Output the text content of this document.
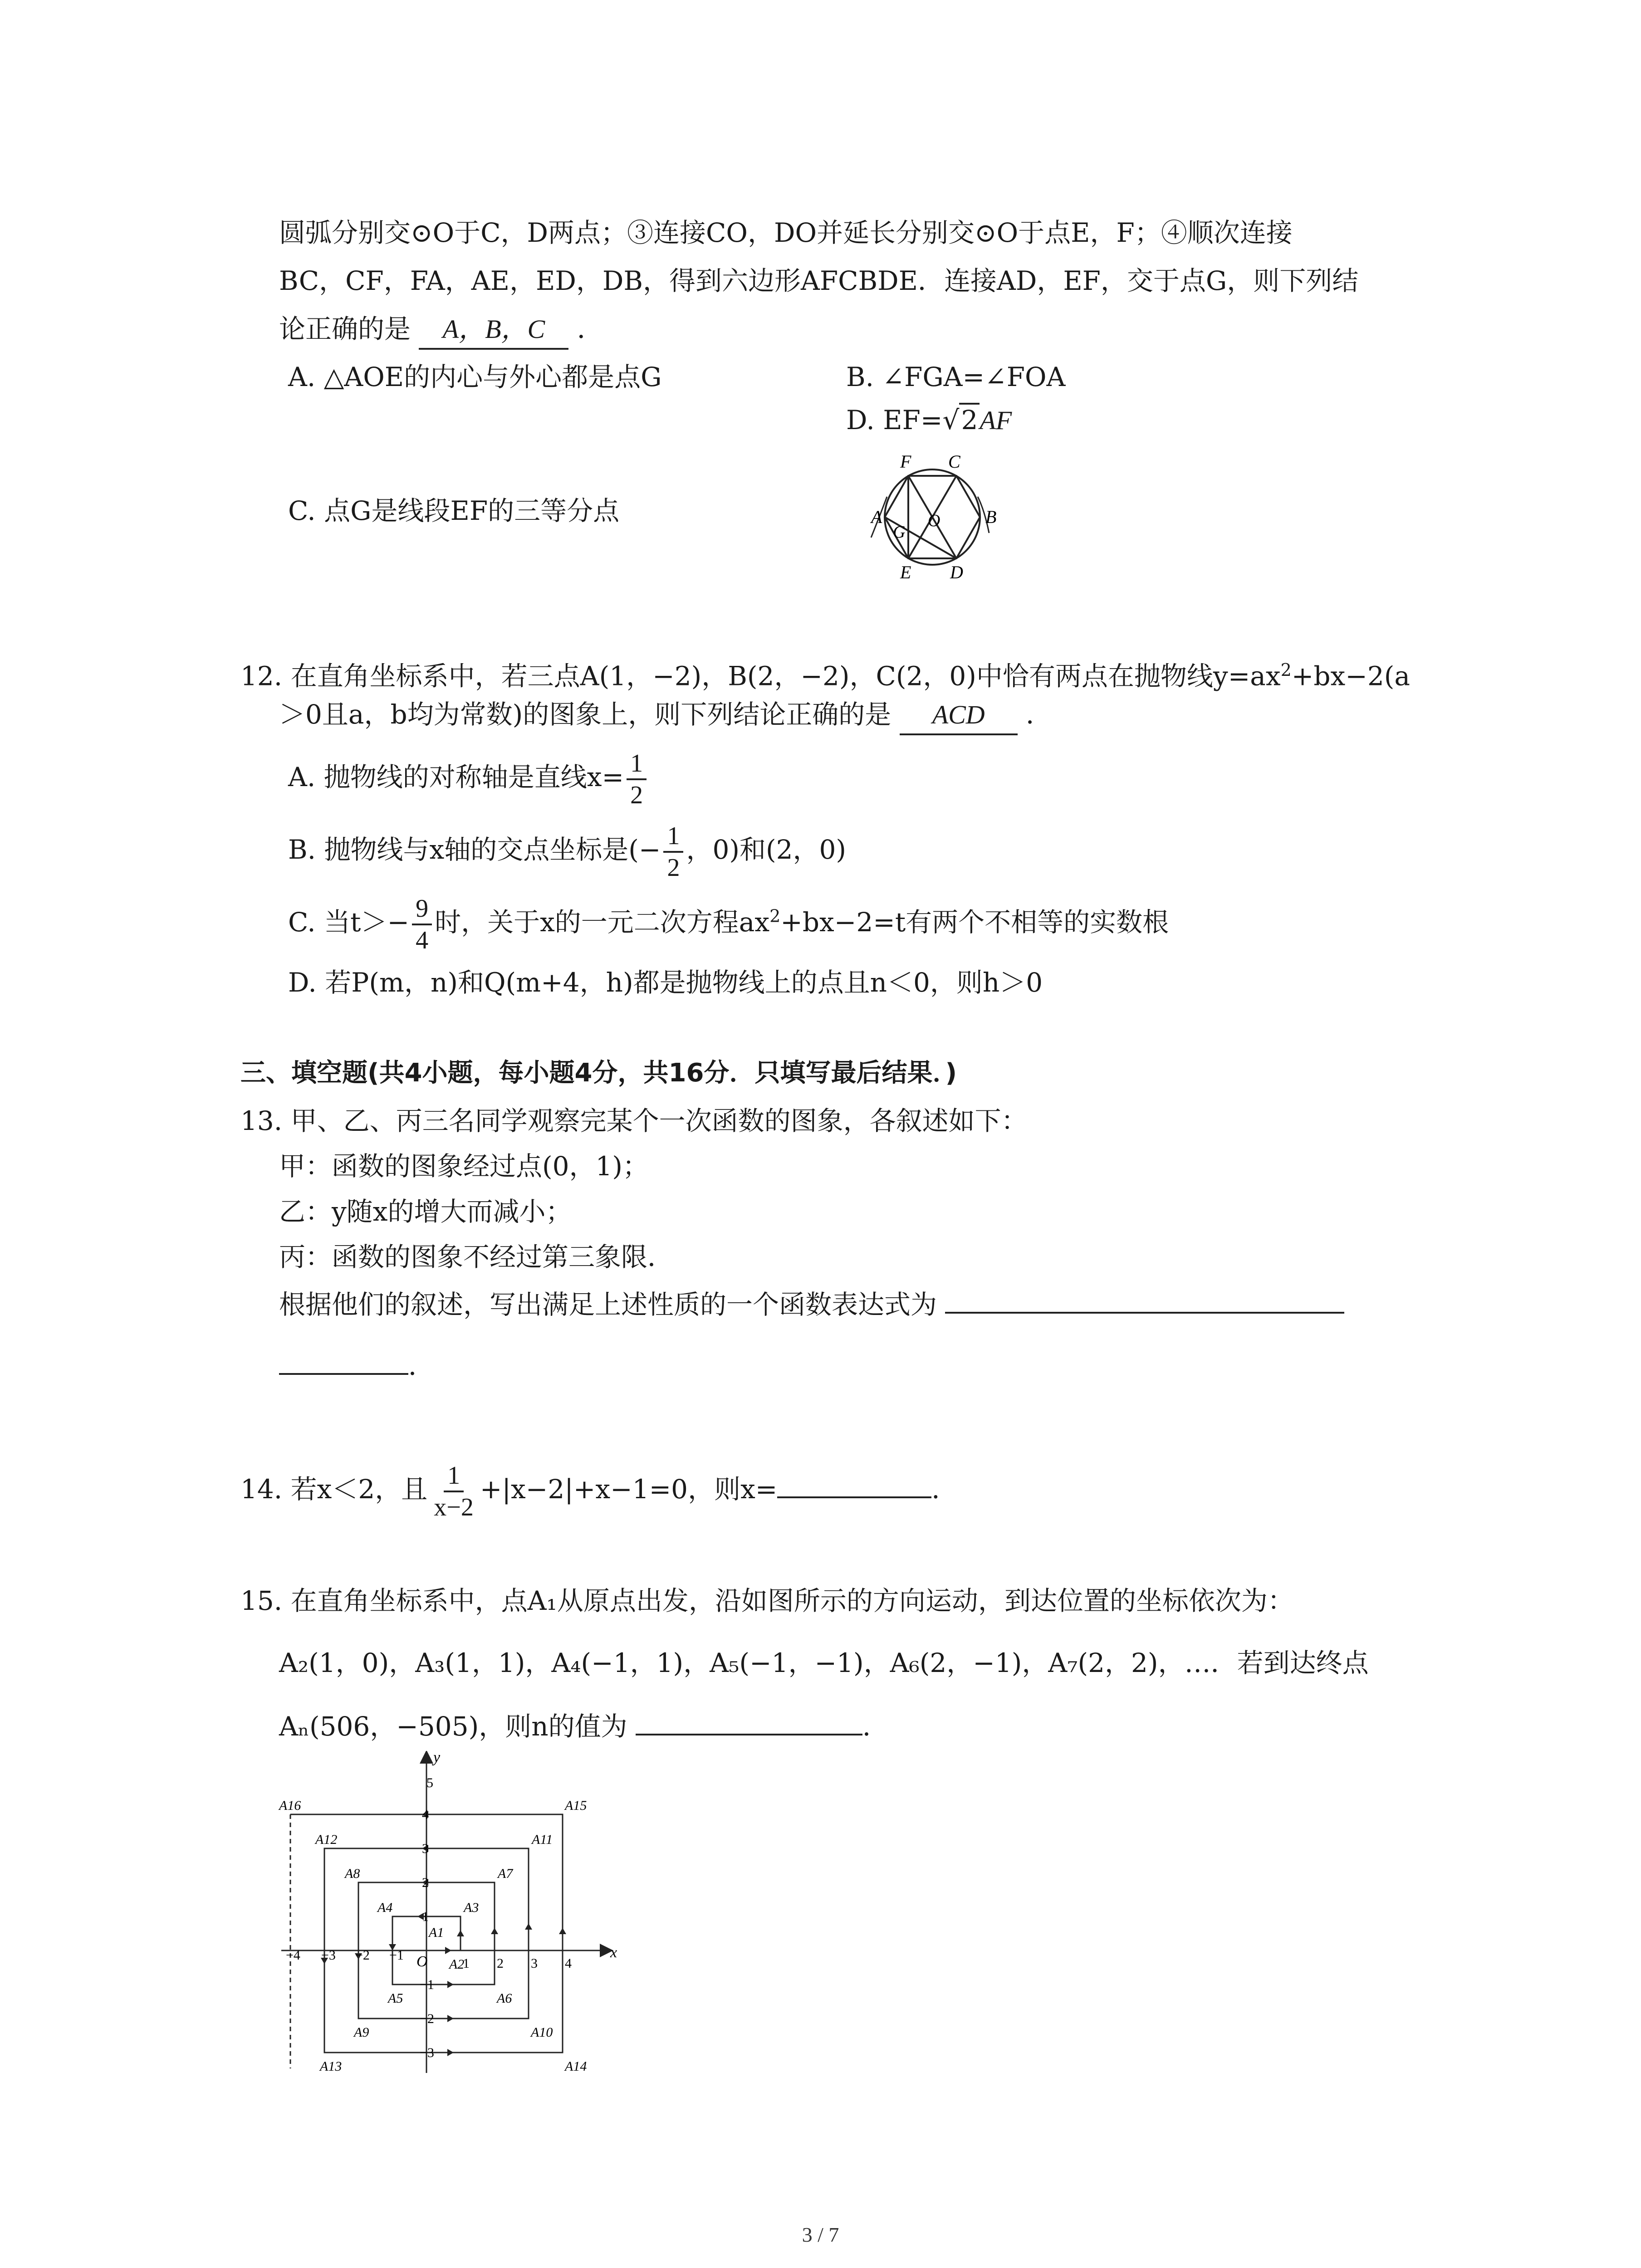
圆弧分别交⊙O于C，D两点；③连接CO，DO并延长分别交⊙O于点E，F；④顺次连接
BC，CF，FA，AE，ED，DB，得到六边形AFCBDE．连接AD，EF，交于点G，则下列结
论正确的是 A，B，C ．
A. △AOE的内心与外心都是点G	B. ∠FGA=∠FOA
D. EF=√2AF
C. 点G是线段EF的三等分点	A
F C
B
D
E
G
O
12. 在直角坐标系中，若三点A(1，−2)，B(2，−2)，C(2，0)中恰有两点在抛物线$y=ax^2+bx-2(a$
＞0且a，b均为常数)的图象上，则下列结论正确的是 ACD ．
A. 抛物线的对称轴是直线$x= \frac{1}{2}$
B. 抛物线与x轴的交点坐标是(− $\frac{1}{2}$ ，0)和(2，0)
C. 当$t>- \frac{9}{4}$ 时，关于x的一元二次方程$ax^2+bx-2=t$有两个不相等的实数根
D. 若P(m，n)和Q(m+4，h)都是抛物线上的点且n＜0，则h＞0
三、填空题(共4小题，每小题4分，共16分．只填写最后结果．)
13. 甲、乙、丙三名同学观察完某个一次函数的图象，各叙述如下：
甲：函数的图象经过点(0，1)；
乙：y随x的增大而减小；
丙：函数的图象不经过第三象限．
根据他们的叙述，写出满足上述性质的一个函数表达式为
．
14. 若x＜2，且 $\frac{1}{x-2} +|x-2|+x-1=0$，则x=	．
15. 在直角坐标系中，点A₁从原点出发，沿如图所示的方向运动，到达位置的坐标依次为：
A₂(1，0)，A₃(1，1)，A₄(−1，1)，A₅(−1，−1)，A₆(2，−1)，A₇(2，2)，…．若到达终点
Aₙ(506，−505)，则n的值为	．
x
y
O
−4 −3 −2 −1
1 2 3 4
5
4
3
2
1
−1
−2
−3
A1
A2
A3
A4
A5	A6
A7
A8
A9	A10
A11
A12
A13	A14
A15
A16
3 / 7
